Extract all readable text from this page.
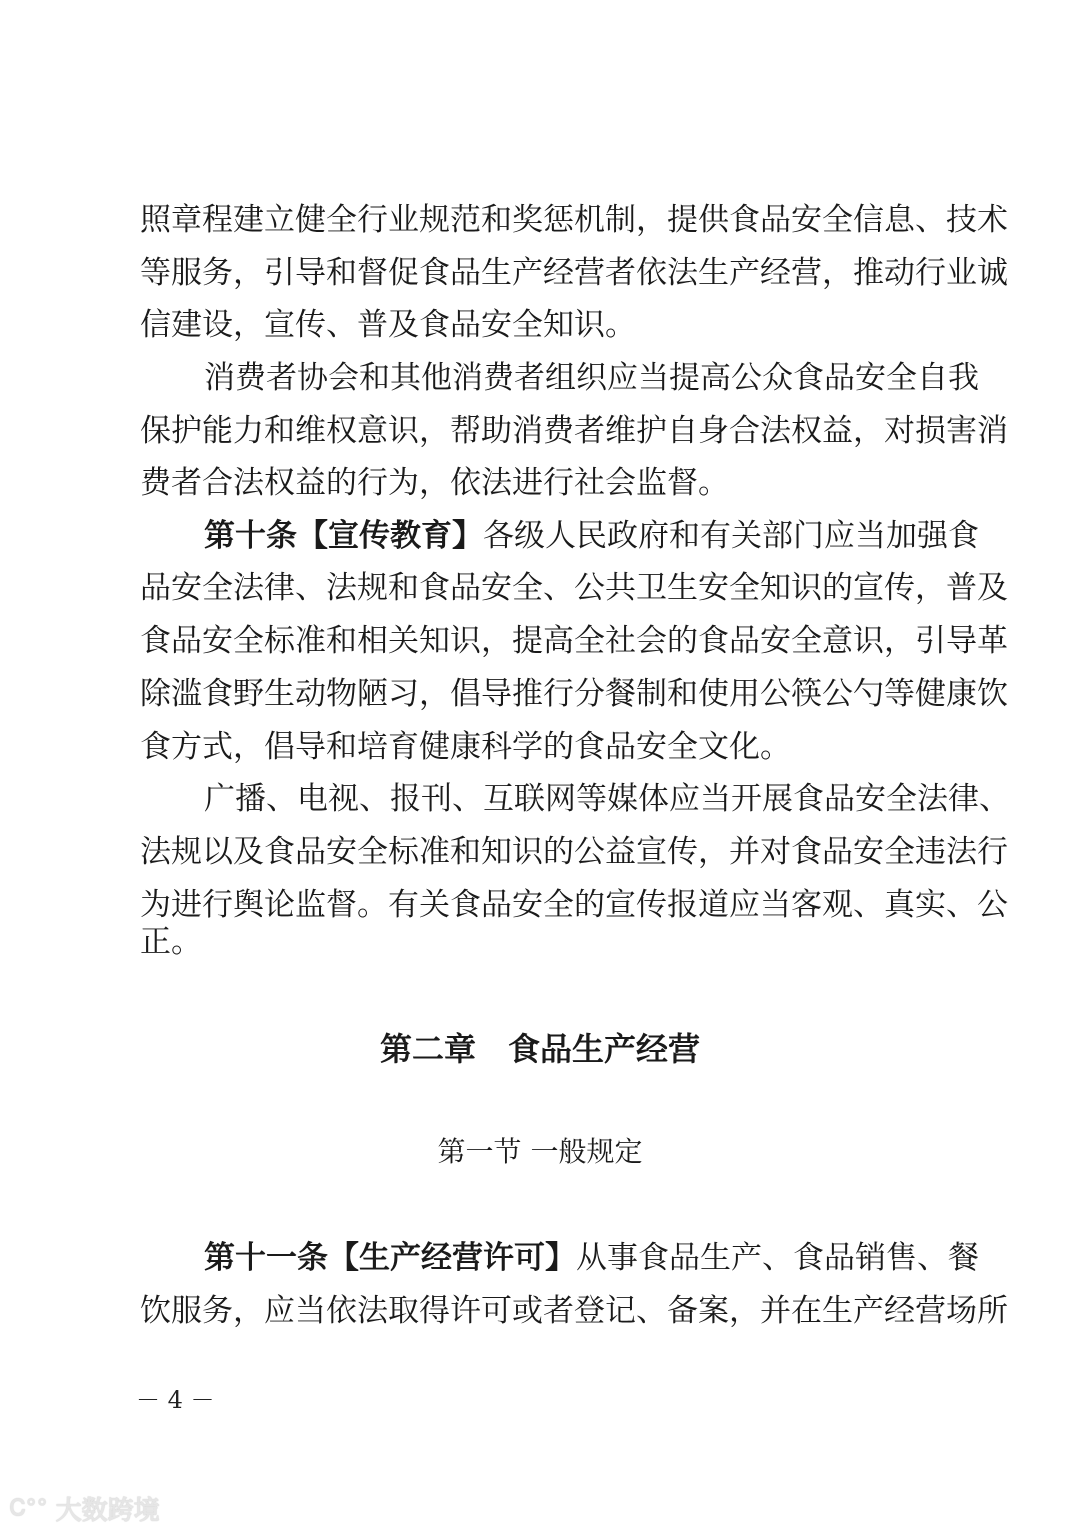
照章程建立健全行业规范和奖惩机制，提供食品安全信息、技术
等服务，引导和督促食品生产经营者依法生产经营，推动行业诚
信建设，宣传、普及食品安全知识。
消费者协会和其他消费者组织应当提高公众食品安全自我
保护能力和维权意识，帮助消费者维护自身合法权益，对损害消
费者合法权益的行为，依法进行社会监督。
第十条【宣传教育】 各级人民政府和有关部门应当加强食
品安全法律、法规和食品安全、公共卫生安全知识的宣传，普及
食品安全标准和相关知识，提高全社会的食品安全意识，引导革
除滥食野生动物陋习，倡导推行分餐制和使用公筷公勺等健康饮
食方式，倡导和培育健康科学的食品安全文化。
广播、电视、报刊、互联网等媒体应当开展食品安全法律、
法规以及食品安全标准和知识的公益宣传，并对食品安全违法行
为进行舆论监督。有关食品安全的宣传报道应当客观、真实、公
正。
第二章　食品生产经营
第一节 一般规定
第十一条【生产经营许可】 从事食品生产、食品销售、餐
饮服务，应当依法取得许可或者登记、备案，并在生产经营场所
－ 4 －
Ꮯ°° 大数跨境
